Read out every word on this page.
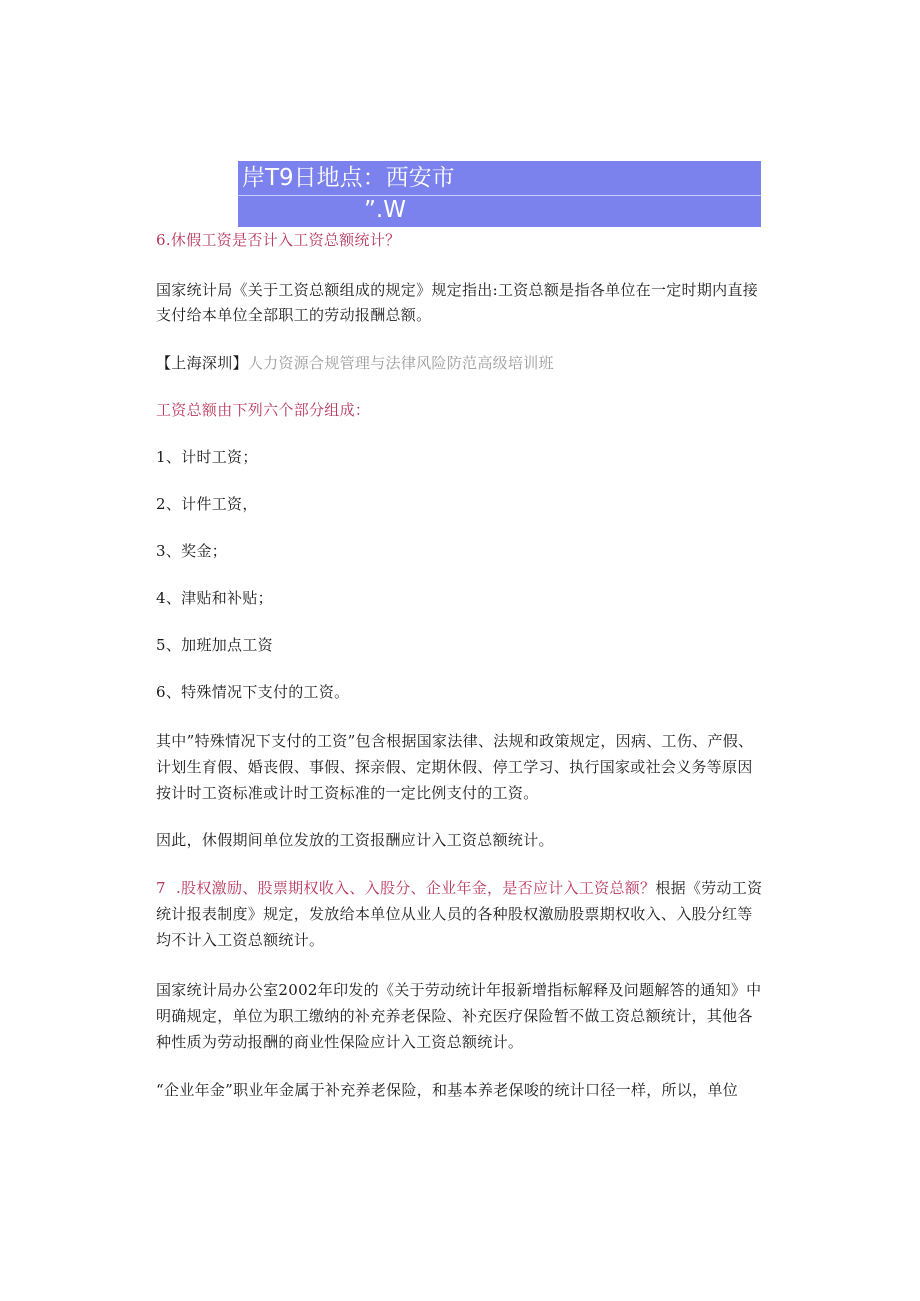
岸T9日地点：西安市
”.W

6.休假工资是否计入工资总额统计？

国家统计局《关于工资总额组成的规定》规定指出:工资总额是指各单位在一定时期内直接支付给本单位全部职工的劳动报酬总额。

【上海深圳】人力资源合规管理与法律风险防范高级培训班

工资总额由下列六个部分组成：

1、计时工资；

2、计件工资，

3、奖金；

4、津贴和补贴；

5、加班加点工资

6、特殊情况下支付的工资。

其中”特殊情况下支付的工资”包含根据国家法律、法规和政策规定，因病、工伤、产假、计划生育假、婚丧假、事假、探亲假、定期休假、停工学习、执行国家或社会义务等原因按计时工资标准或计时工资标准的一定比例支付的工资。

因此，休假期间单位发放的工资报酬应计入工资总额统计。

7  .股权激励、股票期权收入、入股分、企业年金，是否应计入工资总额？根据《劳动工资统计报表制度》规定，发放给本单位从业人员的各种股权激励股票期权收入、入股分红等均不计入工资总额统计。

国家统计局办公室2002年印发的《关于劳动统计年报新增指标解释及问题解答的通知》中明确规定，单位为职工缴纳的补充养老保险、补充医疗保险暂不做工资总额统计，其他各种性质为劳动报酬的商业性保险应计入工资总额统计。

“企业年金”职业年金属于补充养老保险，和基本养老保唆的统计口径一样，所以，单位
